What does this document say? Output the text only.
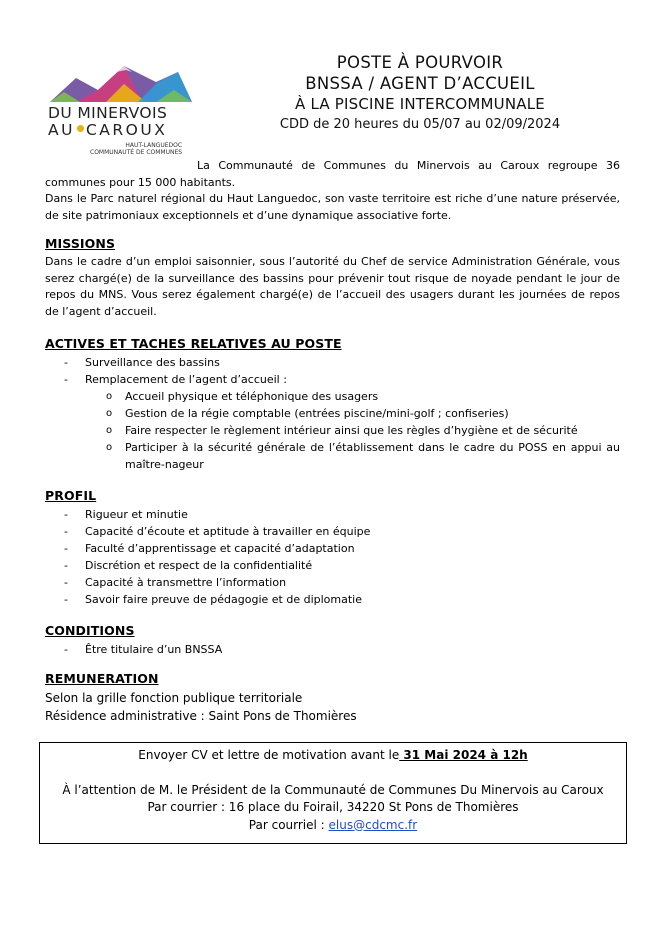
DU MINERVOIS
AU CAROUX
HAUT-LANGUEDOC
COMMUNAUTÉ DE COMMUNES
POSTE À POURVOIR
BNSSA / AGENT D’ACCUEIL
À LA PISCINE INTERCOMMUNALE
CDD de 20 heures du 05/07 au 02/09/2024
La Communauté de Communes du Minervois au Caroux regroupe 36 communes pour 15 000 habitants.
Dans le Parc naturel régional du Haut Languedoc, son vaste territoire est riche d’une nature préservée, de site patrimoniaux exceptionnels et d’une dynamique associative forte.
MISSIONS
Dans le cadre d’un emploi saisonnier, sous l’autorité du Chef de service Administration Générale, vous serez chargé(e) de la surveillance des bassins pour prévenir tout risque de noyade pendant le jour de repos du MNS. Vous serez également chargé(e) de l’accueil des usagers durant les journées de repos de l’agent d’accueil.
ACTIVES ET TACHES RELATIVES AU POSTE
- Surveillance des bassins
- Remplacement de l’agent d’accueil :
o Accueil physique et téléphonique des usagers
o Gestion de la régie comptable (entrées piscine/mini-golf ; confiseries)
o Faire respecter le règlement intérieur ainsi que les règles d’hygiène et de sécurité
o Participer à la sécurité générale de l’établissement dans le cadre du POSS en appui au maître-nageur
PROFIL
- Rigueur et minutie
- Capacité d’écoute et aptitude à travailler en équipe
- Faculté d’apprentissage et capacité d’adaptation
- Discrétion et respect de la confidentialité
- Capacité à transmettre l’information
- Savoir faire preuve de pédagogie et de diplomatie
CONDITIONS
- Être titulaire d’un BNSSA
REMUNERATION
Selon la grille fonction publique territoriale
Résidence administrative : Saint Pons de Thomières
Envoyer CV et lettre de motivation avant le 31 Mai 2024 à 12h
À l’attention de M. le Président de la Communauté de Communes Du Minervois au Caroux
Par courrier : 16 place du Foirail, 34220 St Pons de Thomières
Par courriel : elus@cdcmc.fr
